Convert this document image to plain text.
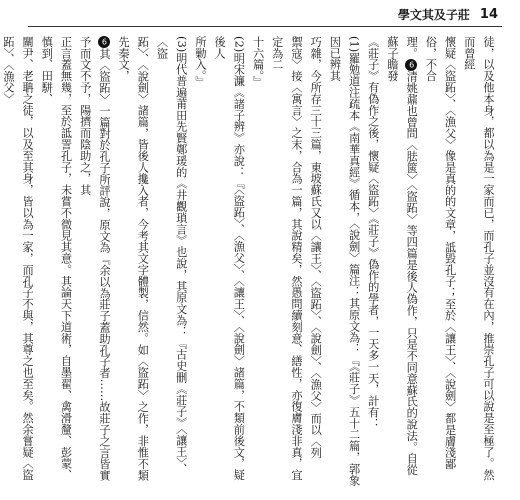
學文其及子莊 14

徒，以及他本身，都以為是一家而已，而孔子並沒有在內，推崇孔子可以說是至極了。然而曾經

懷疑〈盜跖〉、〈漁父〉像是真的的文章，詆毀孔子；至於〈讓王〉、〈說劍〉都是膚淺鄙俗，不合

理。6清姚鼐也曾問〈胠篋〉〈盜跖〉等四篇是後人偽作，只是不同意蘇氏的說法。自從蘇子瞻發

《莊子》有偽作之後，懷疑〈盜跖〉《莊子》偽作的學者，一天多一天，計有：

(1)羅勉道注疏本《南華真經》循本，〈說劍〉篇注：其原文為：『《莊子》五十二篇，郭象因已辨其

巧雜，今所存三十三篇，東坡蘇氏又以〈讓王〉、〈盜跖〉、〈說劍〉、〈漁父〉而以〈列

禦寇〉接〈寓言〉之末，合為一篇，其說精矣，然愚問續刻意、繕性，亦復膚淺非真，宜定為二

十六篇。』

(2)明宋濂《諸子辨》亦說：『〈盜跖〉、〈漁父〉、〈讓王〉、〈說劍〉諸篇，不類前後文，疑後人

所勦入。』

(3)明代普遍莆田先賢鄭瑗的《井觀瑣言》也說，其原文為：『古史刪《莊子》〈讓王〉、〈盜

跖〉、〈說劍〉諸篇，皆後人攙入者，今考其文字體製，信然。如〈盜跖〉之作，非惟不類先秦文，

6其〈盜跖〉一篇對於孔子所評說，原文為『余以為莊子蓋助孔子者……故莊子之言皆實予而文不予，陽擠而陰助之，其

正言蓋無幾，至於詆詈孔子，未嘗不微見其意。其論天下道術，自墨翟、禽滑釐、彭蒙、慎到、田駢、

關尹、老聃之徒，以及至其身，皆以為一家，而孔子不與，其尊之也至矣。然余嘗疑〈盜跖〉、〈漁父〉
